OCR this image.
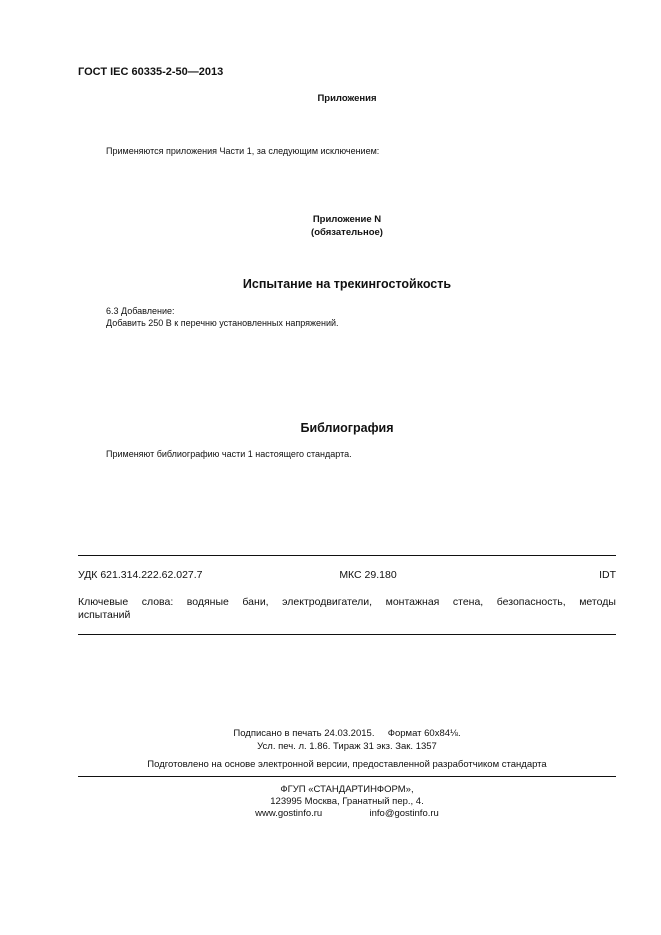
ГОСТ IEC 60335-2-50—2013
Приложения
Применяются приложения Части 1, за следующим исключением:
Приложение N
(обязательное)
Испытание на трекингостойкость
6.3 Добавление:
Добавить 250 В к перечню установленных напряжений.
Библиография
Применяют библиографию части 1 настоящего стандарта.
УДК 621.314.222.62.027.7	МКС 29.180	IDT
Ключевые слова: водяные бани, электродвигатели, монтажная стена, безопасность, методы
испытаний
Подписано в печать 24.03.2015. Формат 60x84⅛.
Усл. печ. л. 1.86. Тираж 31 экз. Зак. 1357
Подготовлено на основе электронной версии, предоставленной разработчиком стандарта
ФГУП «СТАНДАРТИНФОРМ»,
123995 Москва, Гранатный пер., 4.
www.gostinfo.ru	info@gostinfo.ru
